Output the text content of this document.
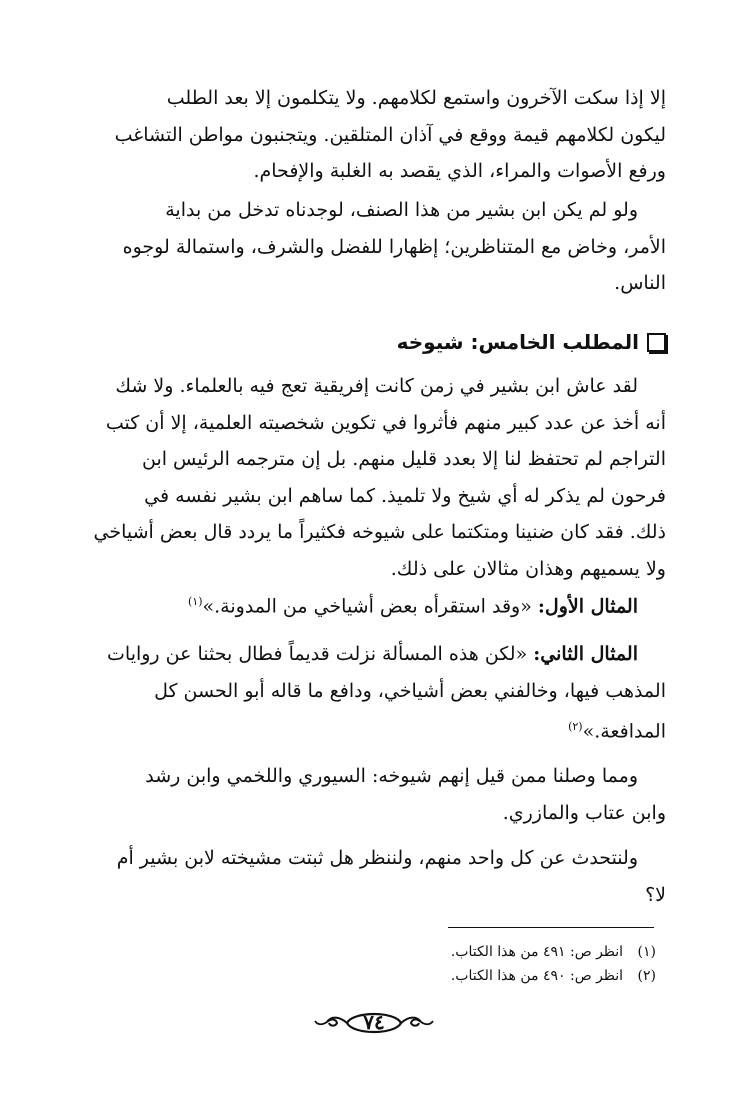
إلا إذا سكت الآخرون واستمع لكلامهم. ولا يتكلمون إلا بعد الطلب

ليكون لكلامهم قيمة ووقع في آذان المتلقين. ويتجنبون مواطن التشاغب

ورفع الأصوات والمراء، الذي يقصد به الغلبة والإفحام.

ولو لم يكن ابن بشير من هذا الصنف، لوجدناه تدخل من بداية

الأمر، وخاض مع المتناظرين؛ إظهارا للفضل والشرف، واستمالة لوجوه

الناس.

المطلب الخامس: شيوخه

لقد عاش ابن بشير في زمن كانت إفريقية تعج فيه بالعلماء. ولا شك

أنه أخذ عن عدد كبير منهم فأثروا في تكوين شخصيته العلمية، إلا أن كتب

التراجم لم تحتفظ لنا إلا بعدد قليل منهم. بل إن مترجمه الرئيس ابن

فرحون لم يذكر له أي شيخ ولا تلميذ. كما ساهم ابن بشير نفسه في

ذلك. فقد كان ضنينا ومتكتما على شيوخه فكثيراً ما يردد قال بعض أشياخي

ولا يسميهم وهذان مثالان على ذلك.

المثال الأول: «وقد استقرأه بعض أشياخي من المدونة.»$^{(١)}$

المثال الثاني: «لكن هذه المسألة نزلت قديماً فطال بحثنا عن روايات

المذهب فيها، وخالفني بعض أشياخي، ودافع ما قاله أبو الحسن كل

المدافعة.»$^{(٢)}$

ومما وصلنا ممن قيل إنهم شيوخه: السيوري واللخمي وابن رشد

وابن عتاب والمازري.

ولنتحدث عن كل واحد منهم، ولننظر هل ثبتت مشيخته لابن بشير أم

لا؟

(١) انظر ص: ٤٩١ من هذا الكتاب.
(٢) انظر ص: ٤٩٠ من هذا الكتاب.
٧٤
